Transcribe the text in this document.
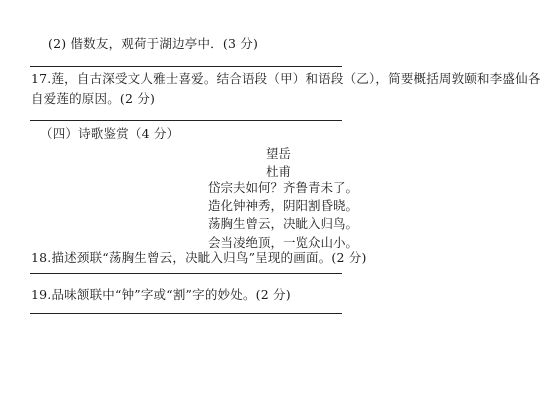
(2) 偕数友，观荷于湖边亭中．(3 分)
17.莲，自古深受文人雅士喜爱。结合语段（甲）和语段（乙），简要概括周敦颐和李盛仙各
自爱莲的原因。(2 分)
（四）诗歌鉴赏（4 分）
望岳
杜甫
岱宗夫如何？齐鲁青未了。
造化钟神秀，阴阳割昏晓。
荡胸生曾云，决眦入归鸟。
会当凌绝顶，一览众山小。
18.描述颈联“荡胸生曾云，决眦入归鸟”呈现的画面。(2 分)
19.品味颔联中“钟”字或“割”字的妙处。(2 分)
